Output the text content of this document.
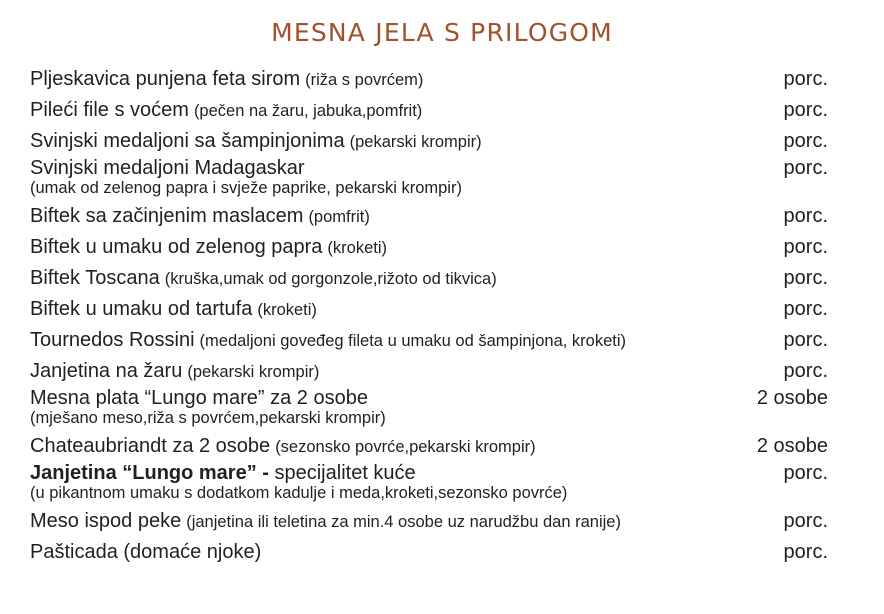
MESNA JELA S PRILOGOM
Pljeskavica punjena feta sirom (riža s povrćem)	porc.
Pileći file s voćem (pečen na žaru, jabuka,pomfrit)	porc.
Svinjski medaljoni sa šampinjonima (pekarski krompir)	porc.
Svinjski medaljoni Madagaskar	porc.
(umak od zelenog papra i svježe paprike, pekarski krompir)
Biftek sa začinjenim maslacem (pomfrit)	porc.
Biftek u umaku od zelenog papra (kroketi)	porc.
Biftek Toscana (kruška,umak od gorgonzole,rižoto od tikvica)	porc.
Biftek u umaku od tartufa (kroketi)	porc.
Tournedos Rossini (medaljoni goveđeg fileta u umaku od šampinjona, kroketi)	porc.
Janjetina na žaru (pekarski krompir)	porc.
Mesna plata “Lungo mare” za 2 osobe	2 osobe
(mješano meso,riža s povrćem,pekarski krompir)
Chateaubriandt za 2 osobe (sezonsko povrće,pekarski krompir)	2 osobe
Janjetina “Lungo mare” - specijalitet kuće	porc.
(u pikantnom umaku s dodatkom kadulje i meda,kroketi,sezonsko povrće)
Meso ispod peke (janjetina ili teletina za min.4 osobe uz narudžbu dan ranije)	porc.
Pašticada (domaće njoke)	porc.
